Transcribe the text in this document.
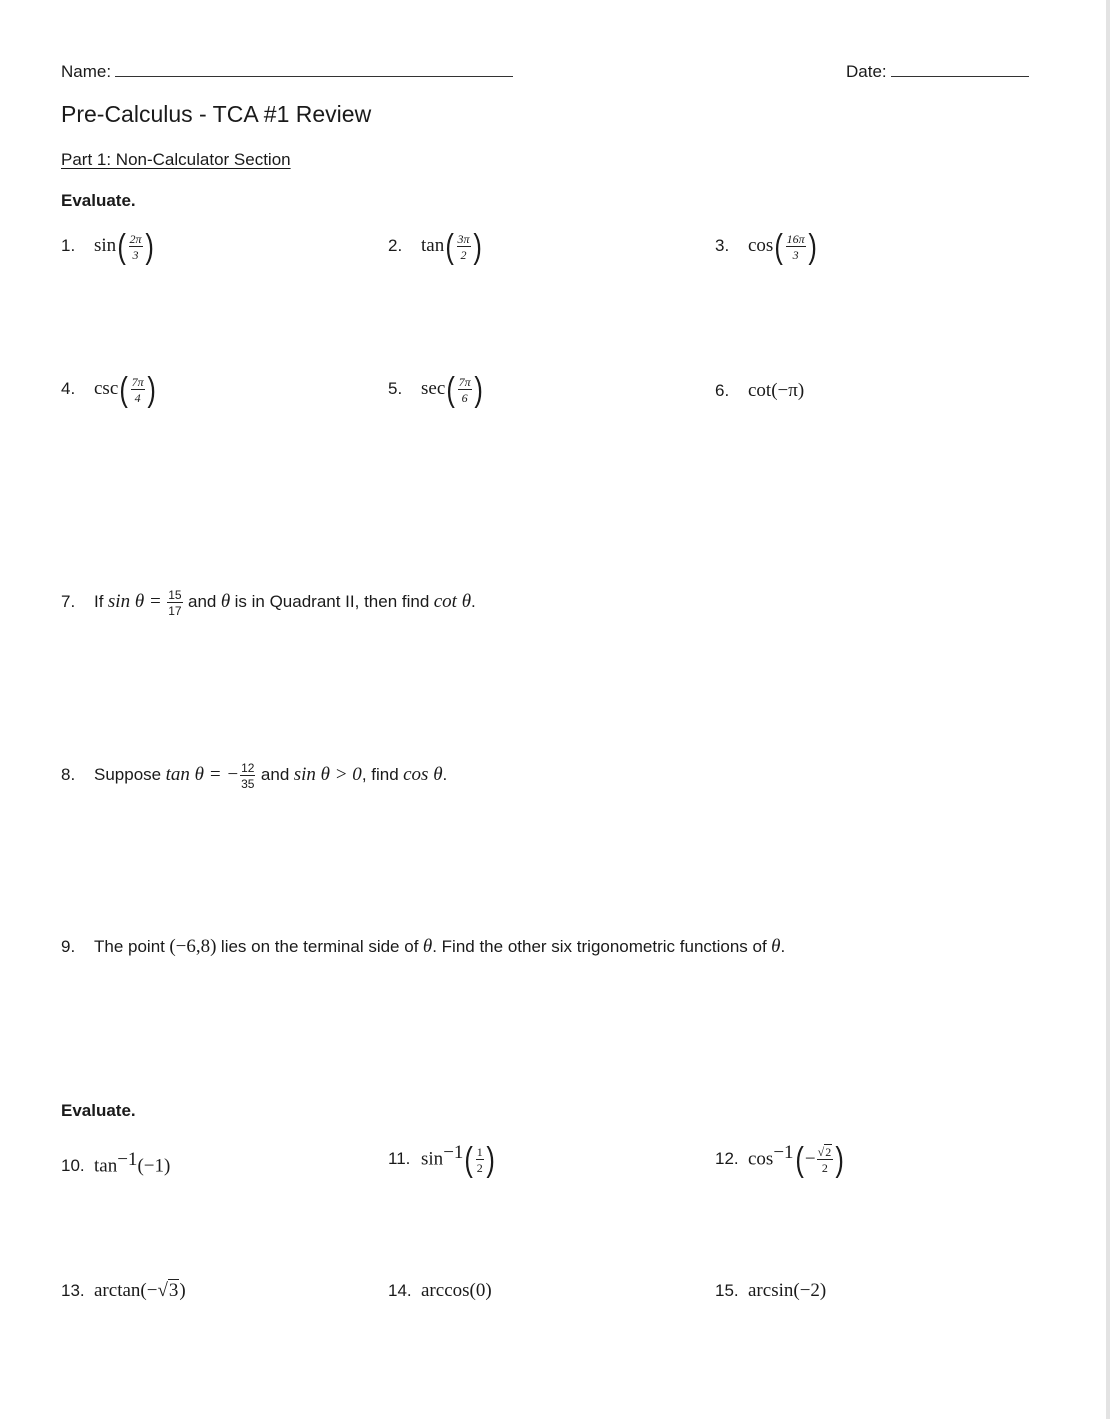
Name:	Date:
Pre-Calculus - TCA #1 Review
Part 1: Non-Calculator Section
Evaluate.
1. $\sin( \frac{2\pi}{3}$ )	2. $\tan( \frac{3\pi}{2}$ )	3. $\cos( \frac{16\pi}{3}$ )
4. $\csc( \frac{7\pi}{4}$ )	5. $\sec( \frac{7\pi}{6}$ )	6. cot(−π)
7. If $\sin \theta = \frac{15}{17}$ and θ is in Quadrant II, then find cot θ.
8. Suppose tan θ = − $\frac{12}{35}$ and sin θ > 0, find cos θ.
9. The point (−6,8) lies on the terminal side of θ. Find the other six trigonometric functions of θ.
Evaluate.
10. $\tan^{-1}(-1)$	11. $\sin^{-1}( \frac{1}{2}$ )	12. $\cos^{-1}(- \frac{√2}{2}$ )
13. arctan(−√3)	14. arccos(0)	15. arcsin(−2)
